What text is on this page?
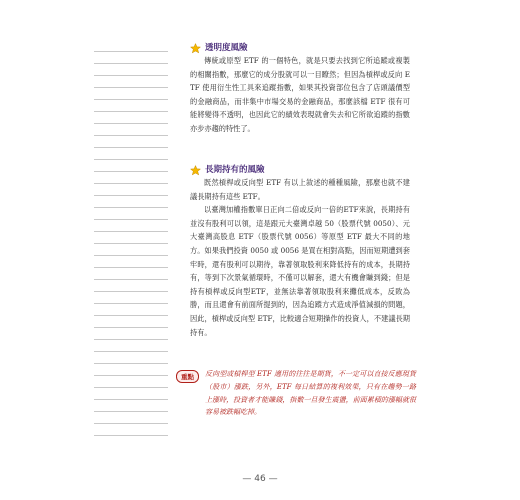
透明度風險

傳統或原型 ETF 的一個特色，就是只要去找到它所追蹤或複製的相關指數，那麼它的成分股就可以一目瞭然；但因為槓桿或反向 ETF 使用衍生性工具來追蹤指數，如果其投資部位包含了店頭議價型的金融商品，而非集中市場交易的金融商品，那麼該檔 ETF 很有可能將變得不透明，也因此它的績效表現就會失去和它所欲追蹤的指數亦步亦趨的特性了。

長期持有的風險

既然槓桿或反向型 ETF 有以上敘述的種種風險，那麼也就不建議長期持有這些 ETF。

以臺灣加權指數單日正向二倍或反向一倍的ETF來說，長期持有並沒有股利可以領，這是跟元大臺灣卓越 50（股票代號 0050）、元大臺灣高股息 ETF（股票代號 0056）等原型 ETF 最大不同的地方。如果我們投資 0050 或 0056 是買在相對高點，因而短期遭到套牢時，還有股利可以期待，靠著領取股利來降低持有的成本，長期持有，等到下次景氣循環時，不僅可以解套，還大有機會賺到錢；但是持有槓桿或反向型ETF，並無法靠著領取股利來攤低成本，反敗為勝，而且還會有前面所提到的，因為追蹤方式造成淨值減損的問題，因此，槓桿或反向型 ETF，比較適合短期操作的投資人，不建議長期持有。

重點	反向型或槓桿型 ETF 適用的往往是期貨，不一定可以直接反應現貨（股市）漲跌，另外，ETF 每日結算的複利效果，只有在趨勢一路上漲時，投資者才能賺錢，指數一旦發生震盪，前面累積的漲幅就很容易被跌幅吃掉。

— 46 —
